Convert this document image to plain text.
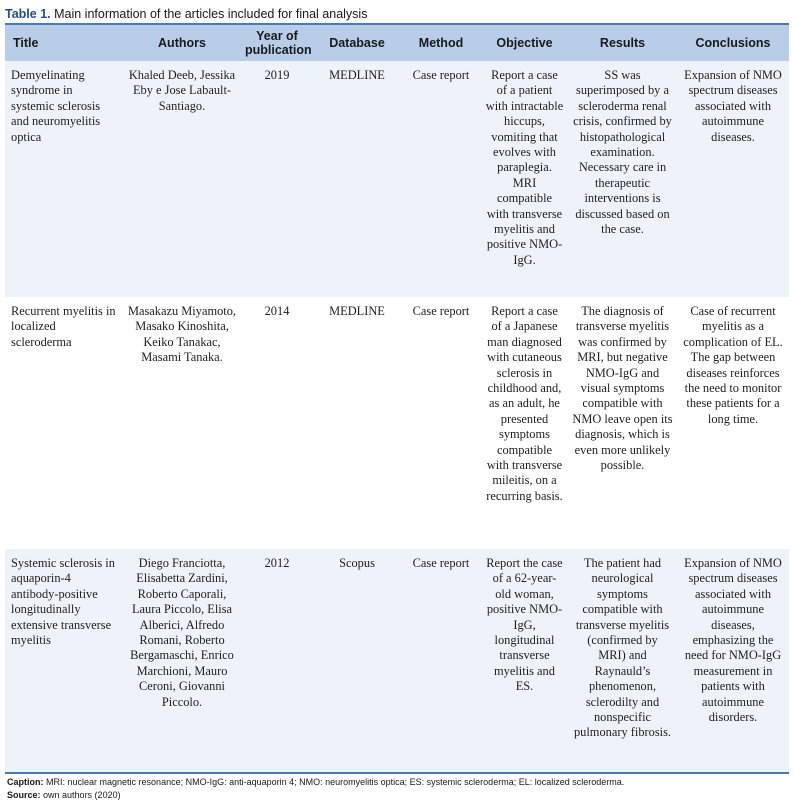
Table 1. Main information of the articles included for final analysis
Title	Authors	Year of publication	Database	Method	Objective	Results	Conclusions
Demyelinating syndrome in systemic sclerosis and neuromyelitis optica	Khaled Deeb, Jessika Eby e Jose Labault-Santiago.	2019	MEDLINE	Case report	Report a case of a patient with intractable hiccups, vomiting that evolves with paraplegia. MRI compatible with transverse myelitis and positive NMO-IgG.	SS was superimposed by a scleroderma renal crisis, confirmed by histopathological examination. Necessary care in therapeutic interventions is discussed based on the case.	Expansion of NMO spectrum diseases associated with autoimmune diseases.
Recurrent myelitis in localized scleroderma	Masakazu Miyamoto, Masako Kinoshita, Keiko Tanakac, Masami Tanaka.	2014	MEDLINE	Case report	Report a case of a Japanese man diagnosed with cutaneous sclerosis in childhood and, as an adult, he presented symptoms compatible with transverse mileitis, on a recurring basis.	The diagnosis of transverse myelitis was confirmed by MRI, but negative NMO-IgG and visual symptoms compatible with NMO leave open its diagnosis, which is even more unlikely possible.	Case of recurrent myelitis as a complication of EL. The gap between diseases reinforces the need to monitor these patients for a long time.
Systemic sclerosis in aquaporin-4 antibody-positive longitudinally extensive transverse myelitis	Diego Franciotta, Elisabetta Zardini, Roberto Caporali, Laura Piccolo, Elisa Alberici, Alfredo Romani, Roberto Bergamaschi, Enrico Marchioni, Mauro Ceroni, Giovanni Piccolo.	2012	Scopus	Case report	Report the case of a 62-year-old woman, positive NMO-IgG, longitudinal transverse myelitis and ES.	The patient had neurological symptoms compatible with transverse myelitis (confirmed by MRI) and Raynauld’s phenomenon, sclerodilty and nonspecific pulmonary fibrosis.	Expansion of NMO spectrum diseases associated with autoimmune diseases, emphasizing the need for NMO-IgG measurement in patients with autoimmune disorders.
Caption: MRI: nuclear magnetic resonance; NMO-IgG: anti-aquaporin 4; NMO: neuromyelitis optica; ES: systemic scleroderma; EL: localized scleroderma.
Source: own authors (2020)
